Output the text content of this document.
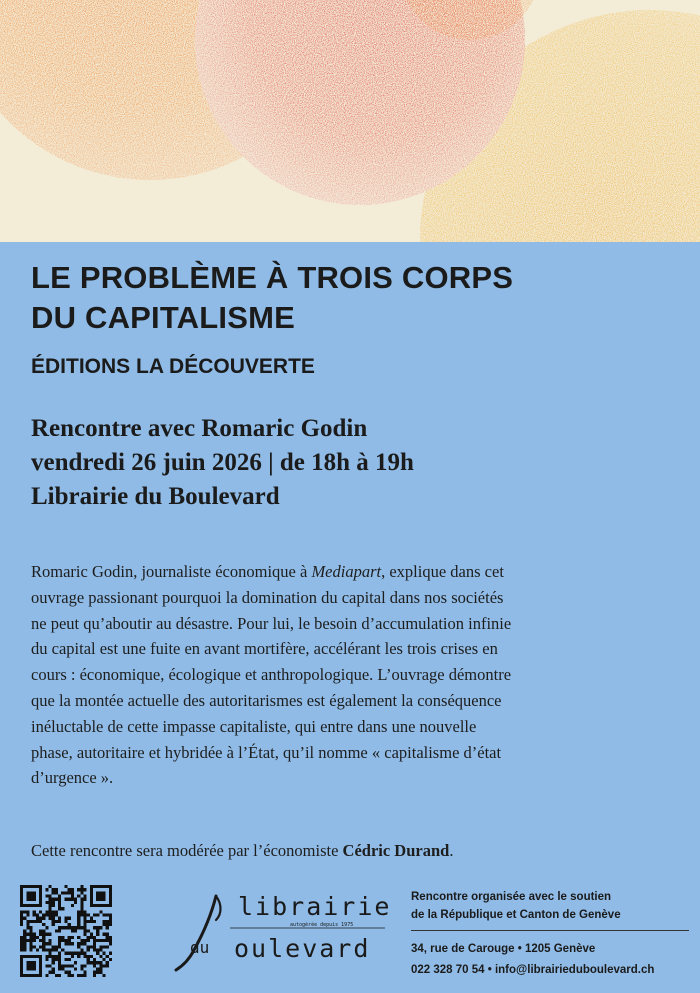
LE PROBLÈME À TROIS CORPS
DU CAPITALISME
ÉDITIONS LA DÉCOUVERTE
Rencontre avec Romaric Godin
vendredi 26 juin 2026 | de 18h à 19h
Librairie du Boulevard
Romaric Godin, journaliste économique à Mediapart, explique dans cet
ouvrage passionant pourquoi la domination du capital dans nos sociétés
ne peut qu’aboutir au désastre. Pour lui, le besoin d’accumulation infinie
du capital est une fuite en avant mortifère, accélérant les trois crises en
cours : économique, écologique et anthropologique. L’ouvrage démontre
que la montée actuelle des autoritarismes est également la conséquence
inéluctable de cette impasse capitaliste, qui entre dans une nouvelle
phase, autoritaire et hybridée à l’État, qu’il nomme « capitalisme d’état
d’urgence ».
Cette rencontre sera modérée par l’économiste Cédric Durand.
librairie
autogérée depuis 1975
du oulevard
Rencontre organisée avec le soutien
de la République et Canton de Genève
34, rue de Carouge • 1205 Genève
022 328 70 54 • info@librairieduboulevard.ch
